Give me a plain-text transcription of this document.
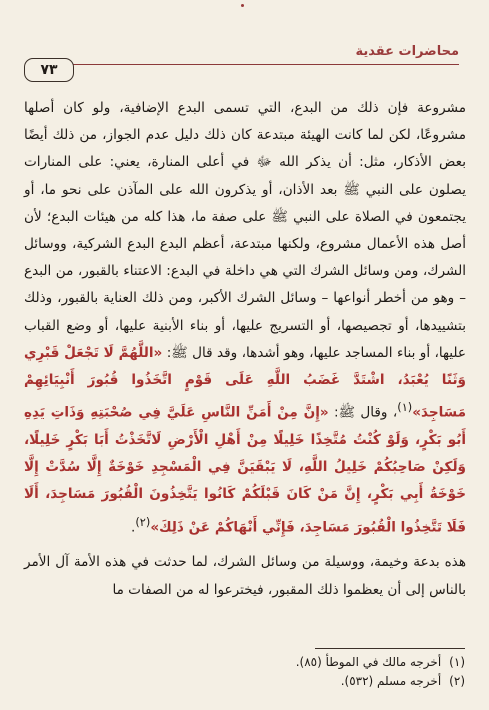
محاضرات عقدية
٧٣

مشروعة فإن ذلك من البدع، التي تسمى البدع الإضافية، ولو كان أصلها مشروعًا، لكن لما كانت الهيئة مبتدعة كان ذلك دليل عدم الجواز، من ذلك أيضًا بعض الأذكار، مثل: أن يذكر الله ﷻ في أعلى المنارة، يعني: على المنارات يصلون على النبي ﷺ بعد الأذان، أو يذكرون الله على المآذن على نحو ما، أو يجتمعون في الصلاة على النبي ﷺ على صفة ما، هذا كله من هيئات البدع؛ لأن أصل هذه الأعمال مشروع، ولكنها مبتدعة، أعظم البدع البدع الشركية، ووسائل الشرك، ومن وسائل الشرك التي هي داخلة في البدع: الاعتناء بالقبور، من البدع – وهو من أخطر أنواعها – وسائل الشرك الأكبر، ومن ذلك العناية بالقبور، وذلك بتشييدها، أو تجصيصها، أو التسريج عليها، أو بناء الأبنية عليها، أو وضع القباب عليها، أو بناء المساجد عليها، وهو أشدها، وقد قال ﷺ: «اللَّهُمَّ لَا تَجْعَلْ قَبْرِي وَثَنًا يُعْبَدُ، اشْتَدَّ غَضَبُ اللَّهِ عَلَى قَوْمٍ اتَّخَذُوا قُبُورَ أَنْبِيَائِهِمْ مَسَاجِدَ»$^{(١)}$، وقال ﷺ: «إِنَّ مِنْ أَمَنِّ النَّاسِ عَلَيَّ فِي صُحْبَتِهِ وَذَاتِ يَدِهِ أَبُو بَكْرٍ، وَلَوْ كُنْتُ مُتَّخِذًا خَلِيلًا مِنْ أَهْلِ الْأَرْضِ لَاتَّخَذْتُ أَبَا بَكْرٍ خَلِيلًا، وَلَكِنْ صَاحِبُكُمْ خَلِيلُ اللَّهِ، لَا يَبْقَيَنَّ فِي الْمَسْجِدِ خَوْخَةٌ إِلَّا سُدَّتْ إِلَّا خَوْخَةُ أَبِي بَكْرٍ، إِنَّ مَنْ كَانَ قَبْلَكُمْ كَانُوا يَتَّخِذُونَ الْقُبُورَ مَسَاجِدَ، أَلَا فَلَا تَتَّخِذُوا الْقُبُورَ مَسَاجِدَ، فَإِنِّي أَنْهَاكُمْ عَنْ ذَلِكَ»$^{(٢)}$.

هذه بدعة وخيمة، ووسيلة من وسائل الشرك، لما حدثت في هذه الأمة آل الأمر بالناس إلى أن يعظموا ذلك المقبور، فيخترعوا له من الصفات ما

(١)أخرجه مالك في الموطأ (٨٥).

(٢)أخرجه مسلم (٥٣٢).
